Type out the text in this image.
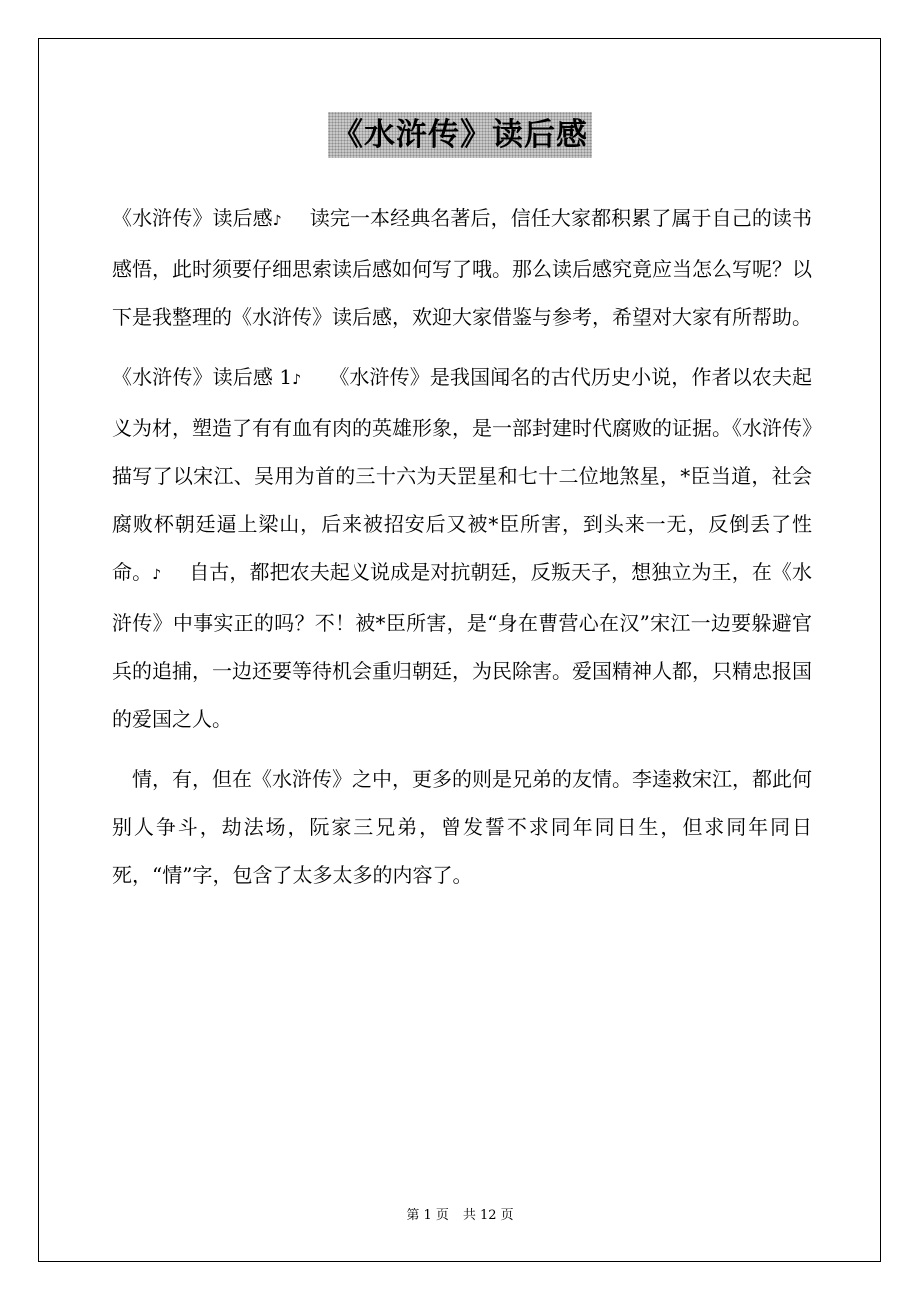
《水浒传》读后感

《水浒传》读后感♪ 读完一本经典名著后，信任大家都积累了属于自己的读书感悟，此时须要仔细思索读后感如何写了哦。那么读后感究竟应当怎么写呢？以下是我整理的《水浒传》读后感，欢迎大家借鉴与参考，希望对大家有所帮助。

《水浒传》读后感 1♪ 《水浒传》是我国闻名的古代历史小说，作者以农夫起义为材，塑造了有有血有肉的英雄形象，是一部封建时代腐败的证据。《水浒传》描写了以宋江、吴用为首的三十六为天罡星和七十二位地煞星，*臣当道，社会腐败杯朝廷逼上梁山，后来被招安后又被*臣所害，到头来一无，反倒丢了性命。♪ 自古，都把农夫起义说成是对抗朝廷，反叛天子，想独立为王，在《水浒传》中事实正的吗？不！被*臣所害，是“身在曹营心在汉”宋江一边要躲避官兵的追捕，一边还要等待机会重归朝廷，为民除害。爱国精神人都，只精忠报国的爱国之人。

情，有，但在《水浒传》之中，更多的则是兄弟的友情。李逵救宋江，都此何别人争斗，劫法场，阮家三兄弟，曾发誓不求同年同日生，但求同年同日死，“情”字，包含了太多太多的内容了。

第 1 页 共 12 页
